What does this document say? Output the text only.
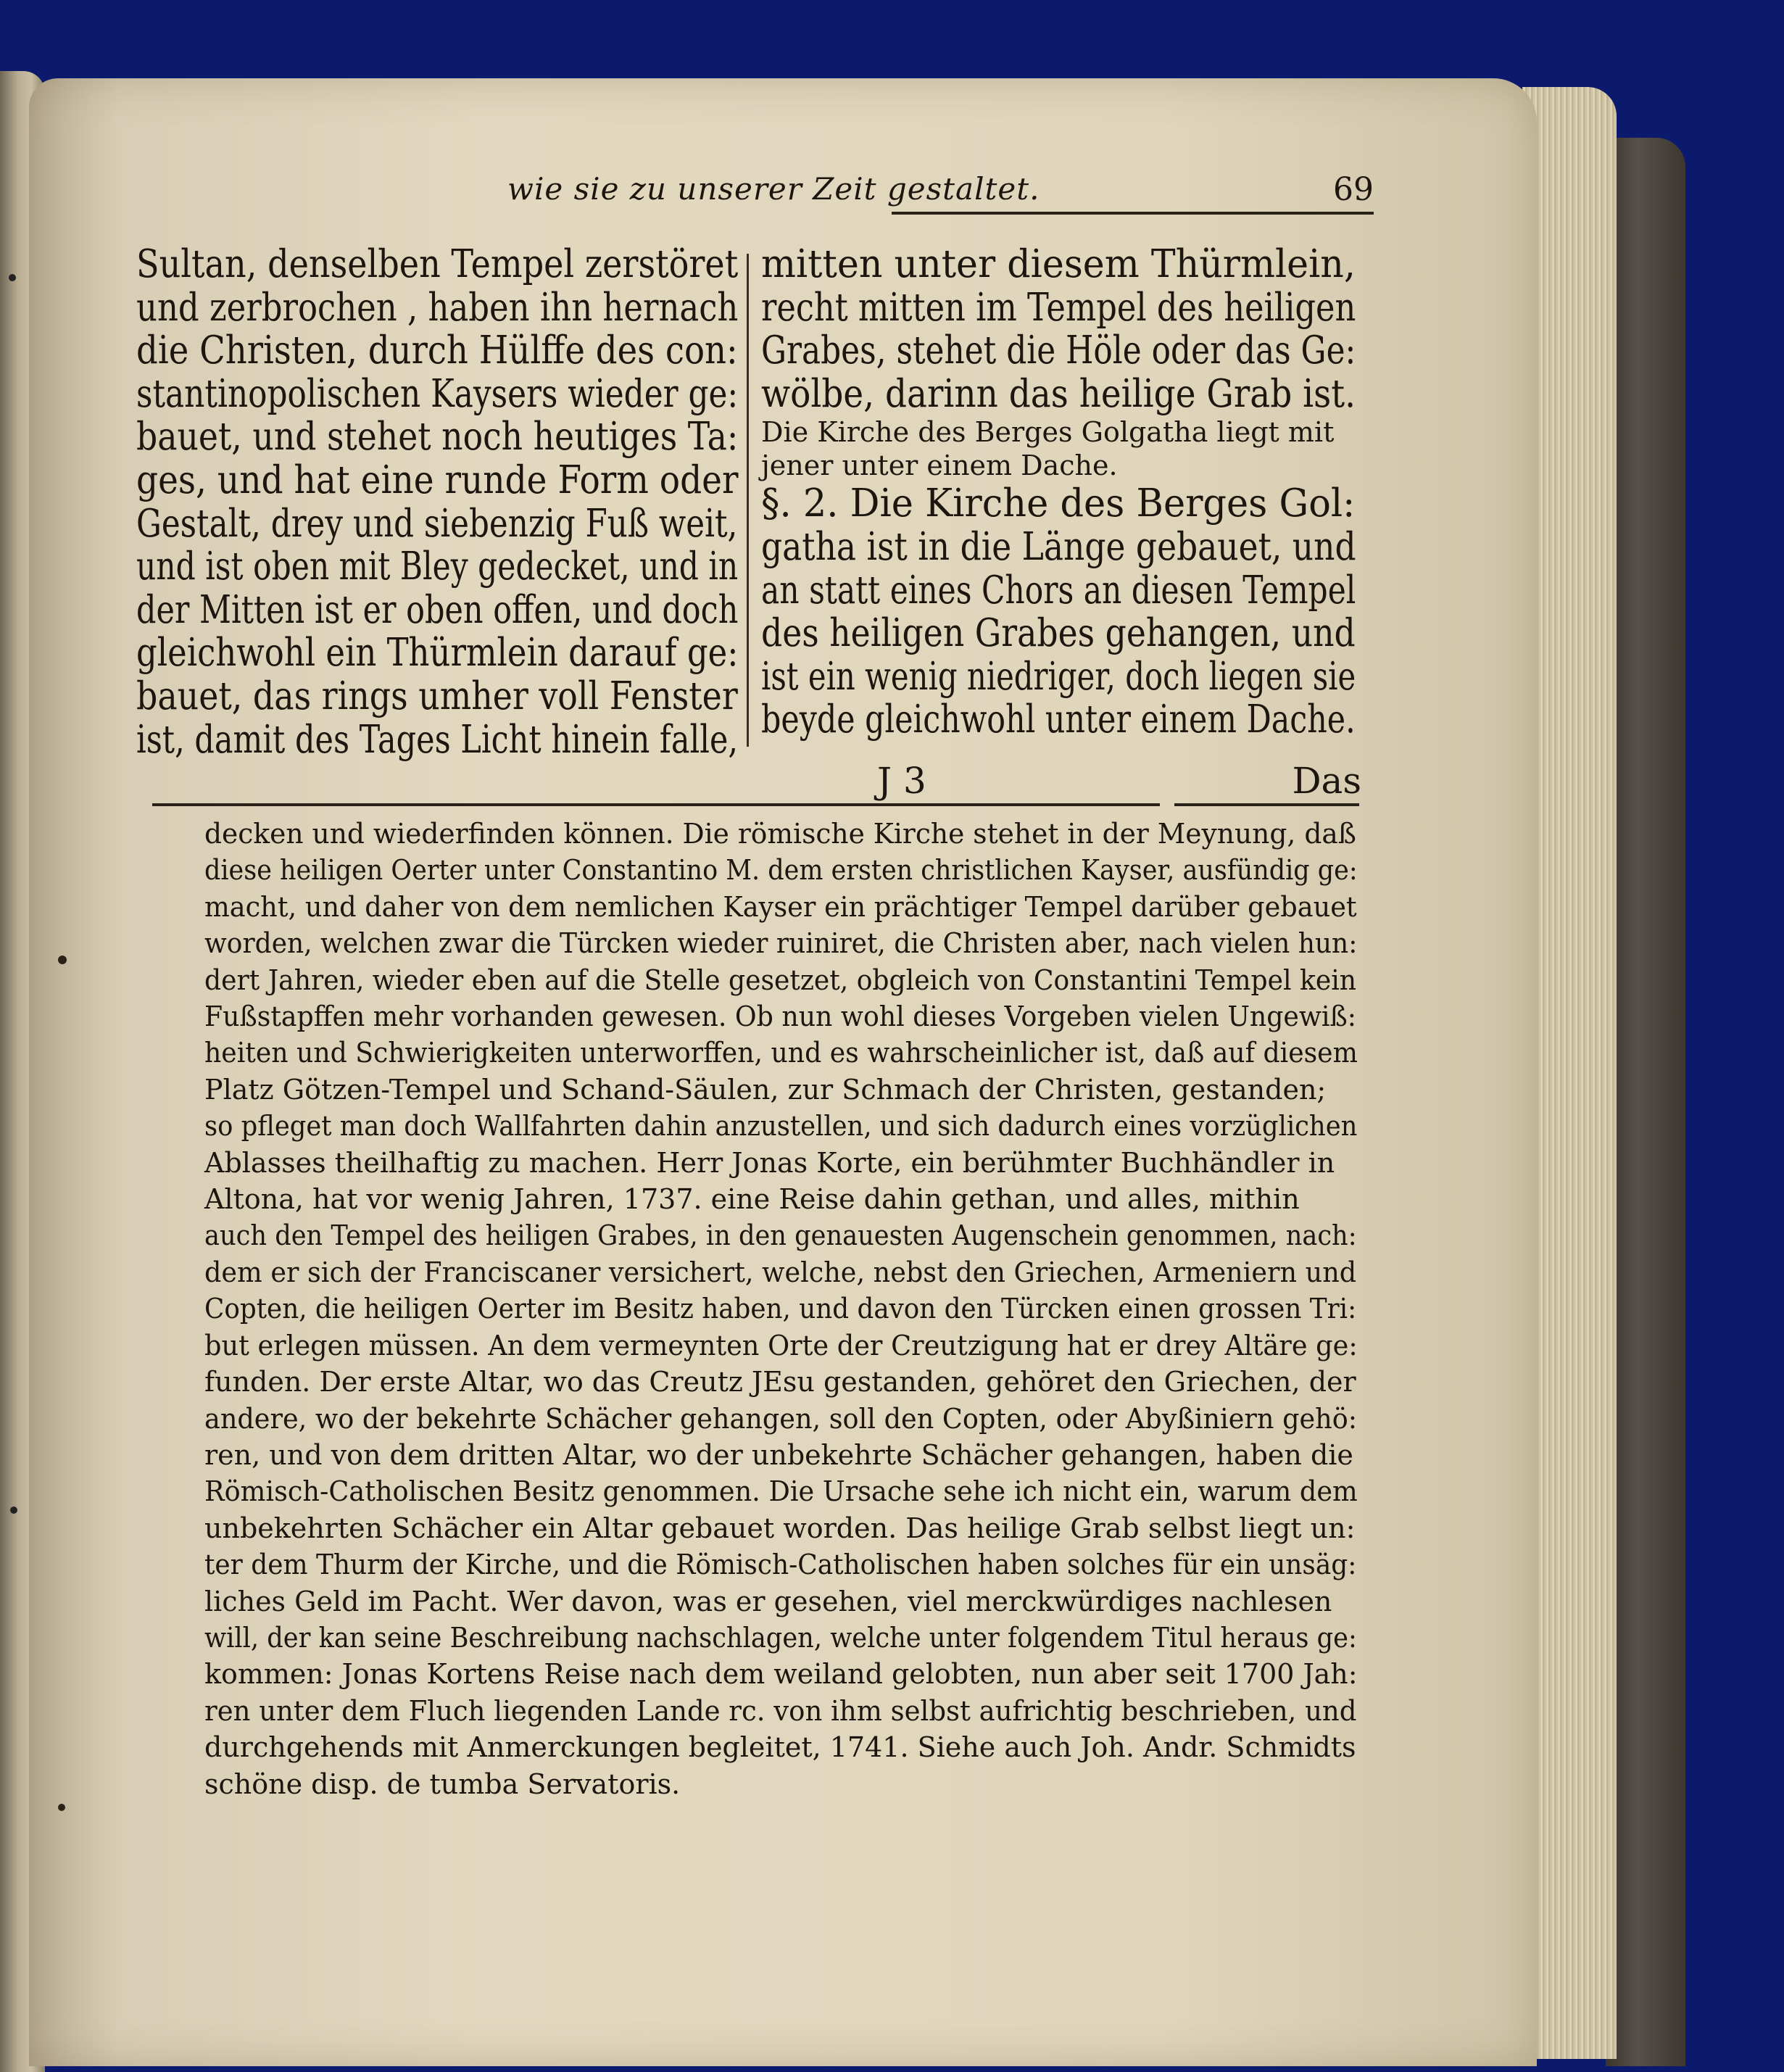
wie sie zu unserer Zeit gestaltet.	69
Sultan, denselben Tempel zerstöret
und zerbrochen , haben ihn hernach
die Christen, durch Hülffe des con:
stantinopolischen Kaysers wieder ge:
bauet, und stehet noch heutiges Ta:
ges, und hat eine runde Form oder
Gestalt, drey und siebenzig Fuß weit,
und ist oben mit Bley gedecket, und in
der Mitten ist er oben offen, und doch
gleichwohl ein Thürmlein darauf ge:
bauet, das rings umher voll Fenster
ist, damit des Tages Licht hinein falle,
mitten unter diesem Thürmlein,
recht mitten im Tempel des heiligen
Grabes, stehet die Höle oder das Ge:
wölbe, darinn das heilige Grab ist.
Die Kirche des Berges Golgatha liegt mit
jener unter einem Dache.
§. 2. Die Kirche des Berges Gol:
gatha ist in die Länge gebauet, und
an statt eines Chors an diesen Tempel
des heiligen Grabes gehangen, und
ist ein wenig niedriger, doch liegen sie
beyde gleichwohl unter einem Dache.
J 3	Das
decken und wiederfinden können. Die römische Kirche stehet in der Meynung, daß
diese heiligen Oerter unter Constantino M. dem ersten christlichen Kayser, ausfündig ge:
macht, und daher von dem nemlichen Kayser ein prächtiger Tempel darüber gebauet
worden, welchen zwar die Türcken wieder ruiniret, die Christen aber, nach vielen hun:
dert Jahren, wieder eben auf die Stelle gesetzet, obgleich von Constantini Tempel kein
Fußstapffen mehr vorhanden gewesen. Ob nun wohl dieses Vorgeben vielen Ungewiß:
heiten und Schwierigkeiten unterworffen, und es wahrscheinlicher ist, daß auf diesem
Platz Götzen-Tempel und Schand-Säulen, zur Schmach der Christen, gestanden;
so pfleget man doch Wallfahrten dahin anzustellen, und sich dadurch eines vorzüglichen
Ablasses theilhaftig zu machen. Herr Jonas Korte, ein berühmter Buchhändler in
Altona, hat vor wenig Jahren, 1737. eine Reise dahin gethan, und alles, mithin
auch den Tempel des heiligen Grabes, in den genauesten Augenschein genommen, nach:
dem er sich der Franciscaner versichert, welche, nebst den Griechen, Armeniern und
Copten, die heiligen Oerter im Besitz haben, und davon den Türcken einen grossen Tri:
but erlegen müssen. An dem vermeynten Orte der Creutzigung hat er drey Altäre ge:
funden. Der erste Altar, wo das Creutz JEsu gestanden, gehöret den Griechen, der
andere, wo der bekehrte Schächer gehangen, soll den Copten, oder Abyßiniern gehö:
ren, und von dem dritten Altar, wo der unbekehrte Schächer gehangen, haben die
Römisch-Catholischen Besitz genommen. Die Ursache sehe ich nicht ein, warum dem
unbekehrten Schächer ein Altar gebauet worden. Das heilige Grab selbst liegt un:
ter dem Thurm der Kirche, und die Römisch-Catholischen haben solches für ein unsäg:
liches Geld im Pacht. Wer davon, was er gesehen, viel merckwürdiges nachlesen
will, der kan seine Beschreibung nachschlagen, welche unter folgendem Titul heraus ge:
kommen: Jonas Kortens Reise nach dem weiland gelobten, nun aber seit 1700 Jah:
ren unter dem Fluch liegenden Lande rc. von ihm selbst aufrichtig beschrieben, und
durchgehends mit Anmerckungen begleitet, 1741. Siehe auch Joh. Andr. Schmidts
schöne disp. de tumba Servatoris.
